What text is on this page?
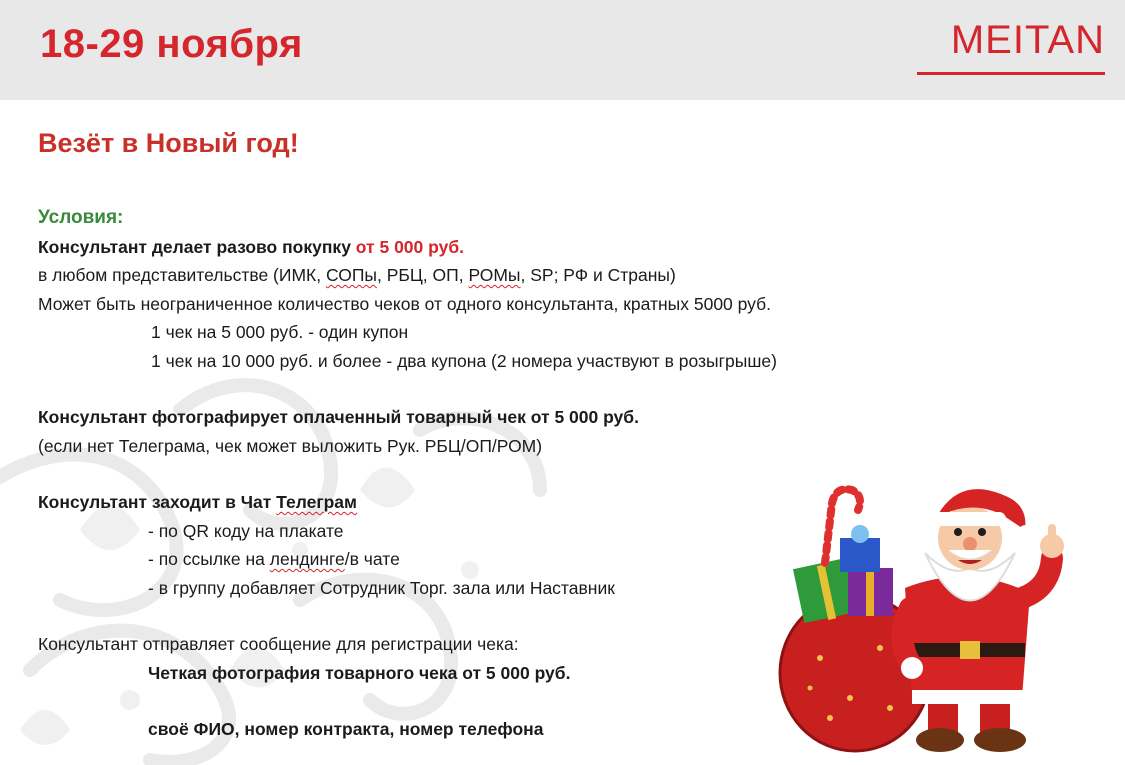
18-29 ноября	MEITAN
Везёт в Новый год!
Условия:
Консультант делает разово покупку от 5 000 руб.
в любом представительстве (ИМК, СОПы, РБЦ, ОП, РОМы, SP; РФ и Страны)
Может быть неограниченное количество чеков от одного консультанта, кратных 5000 руб.
1 чек на 5 000 руб. - один купон
1 чек на 10 000 руб. и более - два купона (2 номера участвуют в розыгрыше)
Консультант фотографирует оплаченный товарный чек от 5 000 руб.
(если нет Телеграма, чек может выложить Рук. РБЦ/ОП/РОМ)
Консультант заходит в Чат Телеграм
- по QR коду на плакате
- по ссылке на лендинге/в чате
- в группу добавляет Сотрудник Торг. зала или Наставник
Консультант отправляет сообщение для регистрации чека:
Четкая фотография товарного чека от 5 000 руб.
своё ФИО, номер контракта, номер телефона
